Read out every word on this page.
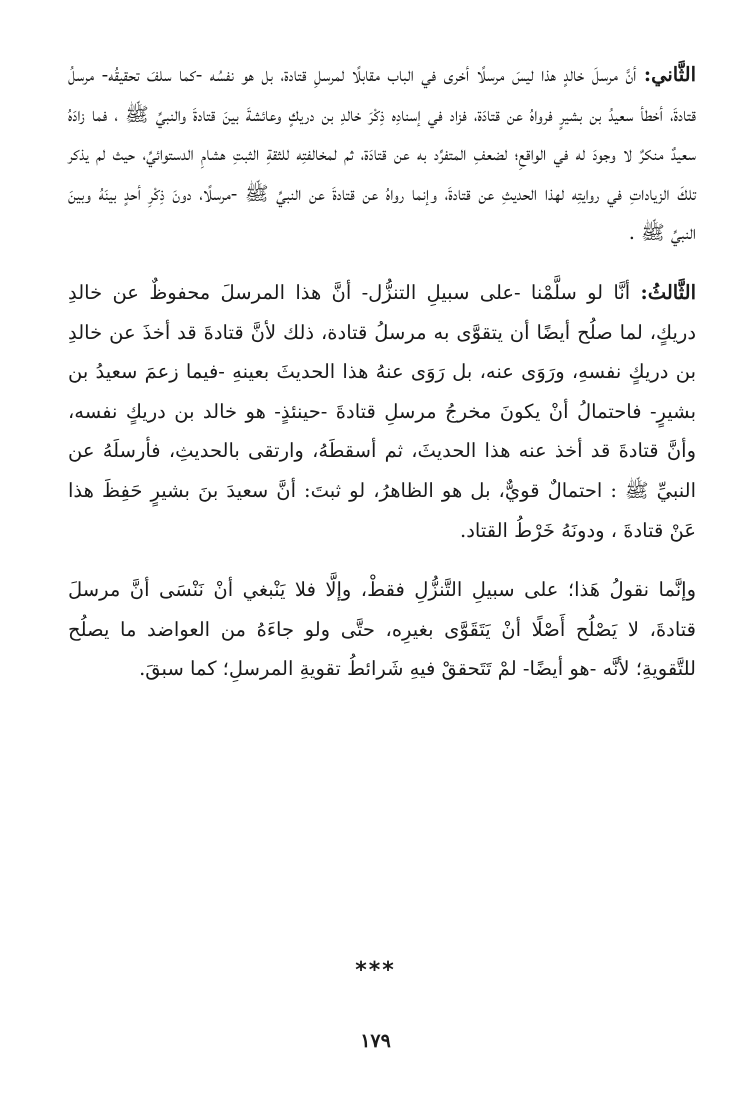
الثَّاني: أنَّ مرسلَ خالدٍ هذا ليسَ مرسلًا أخرى في الباب مقابلًا لمرسلِ قتادة، بل هو نفسُه -كما سلفَ تحقيقُه- مرسلُ قتادةَ، أخطأ سعيدُ بن بشيرٍ فرواهُ عن قتادَة، فزاد في إسنادِه ذِكْرَ خالدِ بن دريكٍ وعائشةَ بينَ قتادةَ والنبيِّ ﷺ ، فما زادَهُ سعيدٌ منكرٌ لا وجودَ له في الواقعِ؛ لضعفِ المتفرِّد به عن قتادَة، ثم لمخالفتِه للثقةِ الثبتِ هشامِ الدستوائيِّ، حيث لم يذكر تلكَ الزياداتِ في روايتِه لهذا الحديثِ عن قتادةَ، وإنما رواهُ عن قتادةَ عن النبيِّ ﷺ -مرسلًا، دونَ ذِكْرِ أحدٍ بينَهُ وبينَ النبيِّ ﷺ .

الثَّالثُ: أنَّا لو سلَّمْنا -على سبيلِ التنزُّل- أنَّ هذا المرسلَ محفوظٌ عن خالدِ دريكٍ، لما صلُح أيضًا أن يتقوَّى به مرسلُ قتادة، ذلك لأنَّ قتادةَ قد أخذَ عن خالدِ بن دريكٍ نفسهِ، ورَوَى عنه، بل رَوَى عنهُ هذا الحديثَ بعينهِ -فيما زعمَ سعيدُ بن بشيرٍ- فاحتمالُ أنْ يكونَ مخرجُ مرسلِ قتادةَ -حينئذٍ- هو خالد بن دريكٍ نفسه، وأنَّ قتادةَ قد أخذ عنه هذا الحديثَ، ثم أسقطَهُ، وارتقى بالحديثِ، فأرسلَهُ عن النبيِّ ﷺ : احتمالٌ قويٌّ، بل هو الظاهرُ، لو ثبتَ: أنَّ سعيدَ بنَ بشيرٍ حَفِظَ هذا عَنْ قتادةَ ، ودونَهُ خَرْطُ القتاد.

وإنَّما نقولُ هَذا؛ على سبيلِ التَّنزُّلِ فقطْ، وإلَّا فلا يَنْبغي أنْ نَنْسَى أنَّ مرسلَ قتادةَ، لا يَصْلُح أَصْلًا أنْ يَتَقَوَّى بغيرِه، حتَّى ولو جاءَهُ من العواضد ما يصلُح للتَّقويةِ؛ لأنَّه -هو أيضًا- لمْ تَتَحققْ فيهِ شَرائطُ تقويةِ المرسلِ؛ كما سبقَ.

***
١٧٩
